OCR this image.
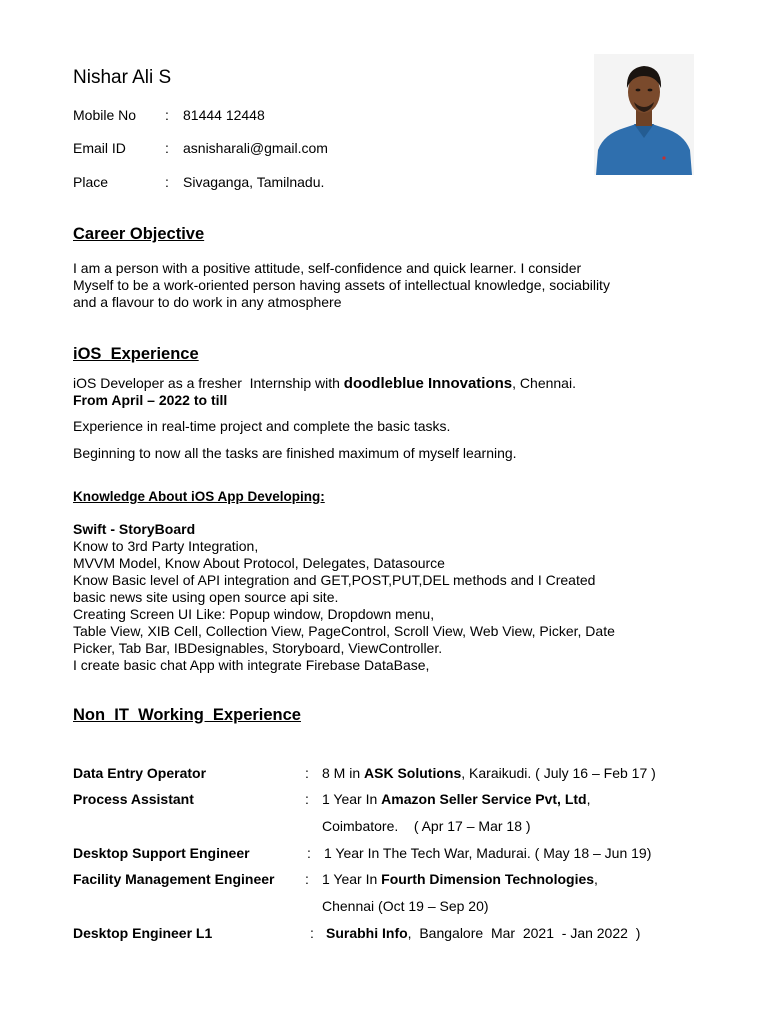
Nishar Ali S
Mobile No : 81444 12448
Email ID	: asnisharali@gmail.com
Place	: Sivaganga, Tamilnadu.
Career Objective
I am a person with a positive attitude, self-confidence and quick learner. I consider
Myself to be a work-oriented person having assets of intellectual knowledge, sociability
and a flavour to do work in any atmosphere
iOS  Experience
iOS Developer as a fresher  Internship with doodleblue Innovations, Chennai.
From April – 2022 to till
Experience in real-time project and complete the basic tasks.
Beginning to now all the tasks are finished maximum of myself learning.
Knowledge About iOS App Developing:
Swift - StoryBoard
Know to 3rd Party Integration,
MVVM Model, Know About Protocol, Delegates, Datasource
Know Basic level of API integration and GET,POST,PUT,DEL methods and I Created
basic news site using open source api site.
Creating Screen UI Like: Popup window, Dropdown menu,
Table View, XIB Cell, Collection View, PageControl, Scroll View, Web View, Picker, Date
Picker, Tab Bar, IBDesignables, Storyboard, ViewController.
I create basic chat App with integrate Firebase DataBase,
Non  IT  Working  Experience
Data Entry Operator	: 8 M in ASK Solutions, Karaikudi. ( July 16 – Feb 17 )
Process Assistant	: 1 Year In Amazon Seller Service Pvt, Ltd,
Coimbatore.    ( Apr 17 – Mar 18 )
Desktop Support Engineer	: 1 Year In The Tech War, Madurai. ( May 18 – Jun 19)
Facility Management Engineer : 1 Year In Fourth Dimension Technologies,
Chennai (Oct 19 – Sep 20)
Desktop Engineer L1	: Surabhi Info,  Bangalore  Mar  2021  - Jan 2022  )
